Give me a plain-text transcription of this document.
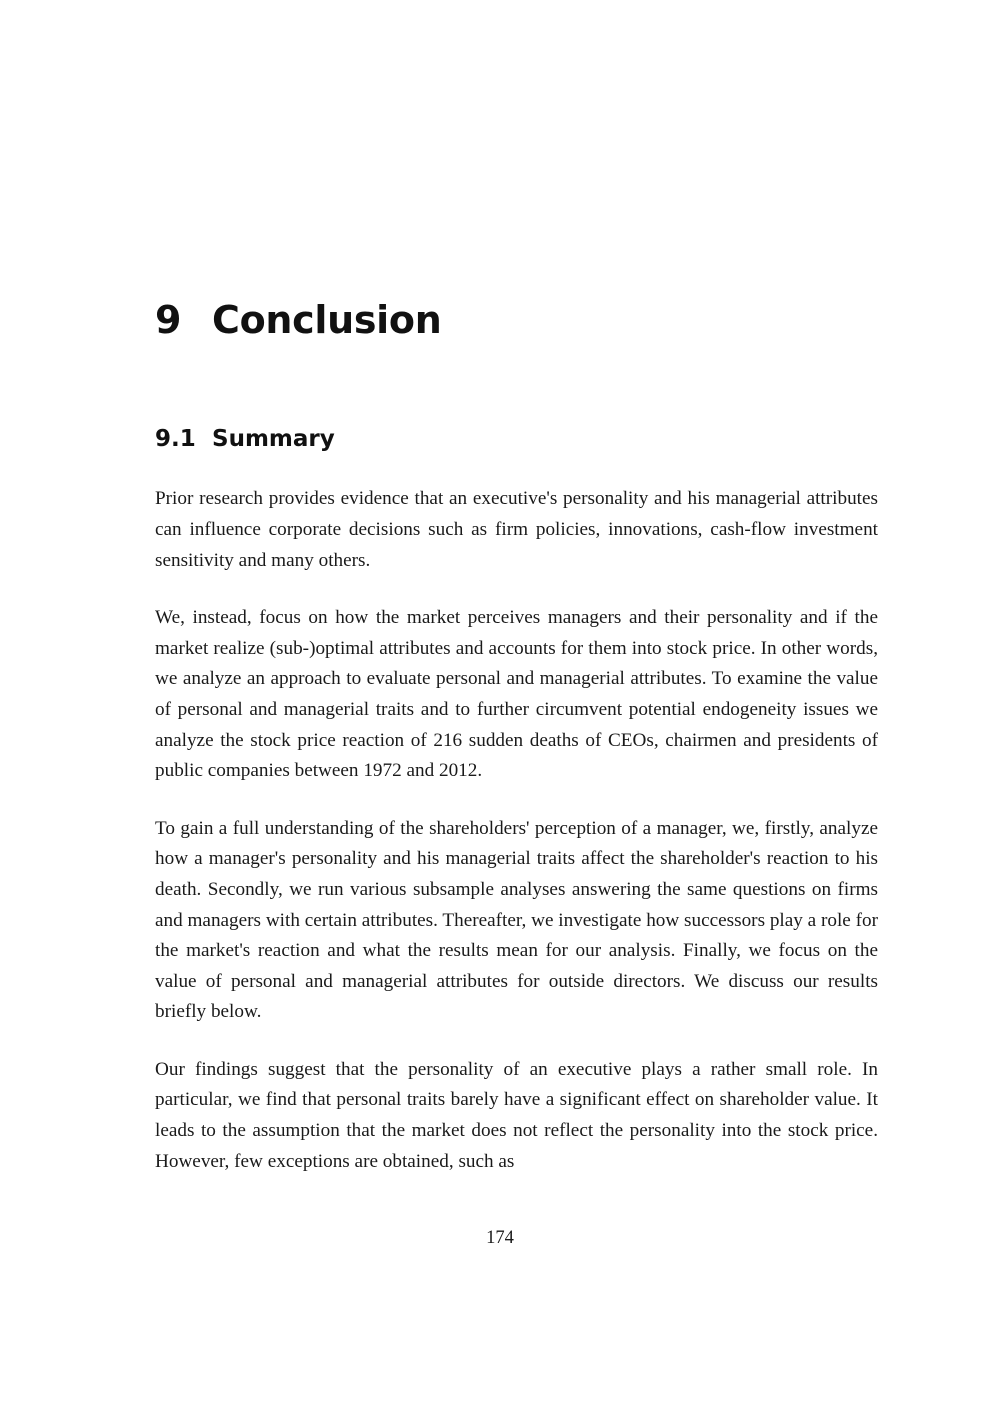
9 Conclusion
9.1 Summary

Prior research provides evidence that an executive's personality and his managerial attributes can influence corporate decisions such as firm policies, innovations, cash-flow investment sensitivity and many others.

We, instead, focus on how the market perceives managers and their personality and if the market realize (sub-)optimal attributes and accounts for them into stock price. In other words, we analyze an approach to evaluate personal and managerial attributes. To examine the value of personal and managerial traits and to further circumvent potential endogeneity issues we analyze the stock price reaction of 216 sudden deaths of CEOs, chairmen and presidents of public companies between 1972 and 2012.

To gain a full understanding of the shareholders' perception of a manager, we, firstly, analyze how a manager's personality and his managerial traits affect the shareholder's reaction to his death. Secondly, we run various subsample analyses answering the same questions on firms and managers with certain attributes. Thereafter, we investigate how successors play a role for the market's reaction and what the results mean for our analysis. Finally, we focus on the value of personal and managerial attributes for outside directors. We discuss our results briefly below.

Our findings suggest that the personality of an executive plays a rather small role. In particular, we find that personal traits barely have a significant effect on shareholder value. It leads to the assumption that the market does not reflect the personality into the stock price. However, few exceptions are obtained, such as

174
